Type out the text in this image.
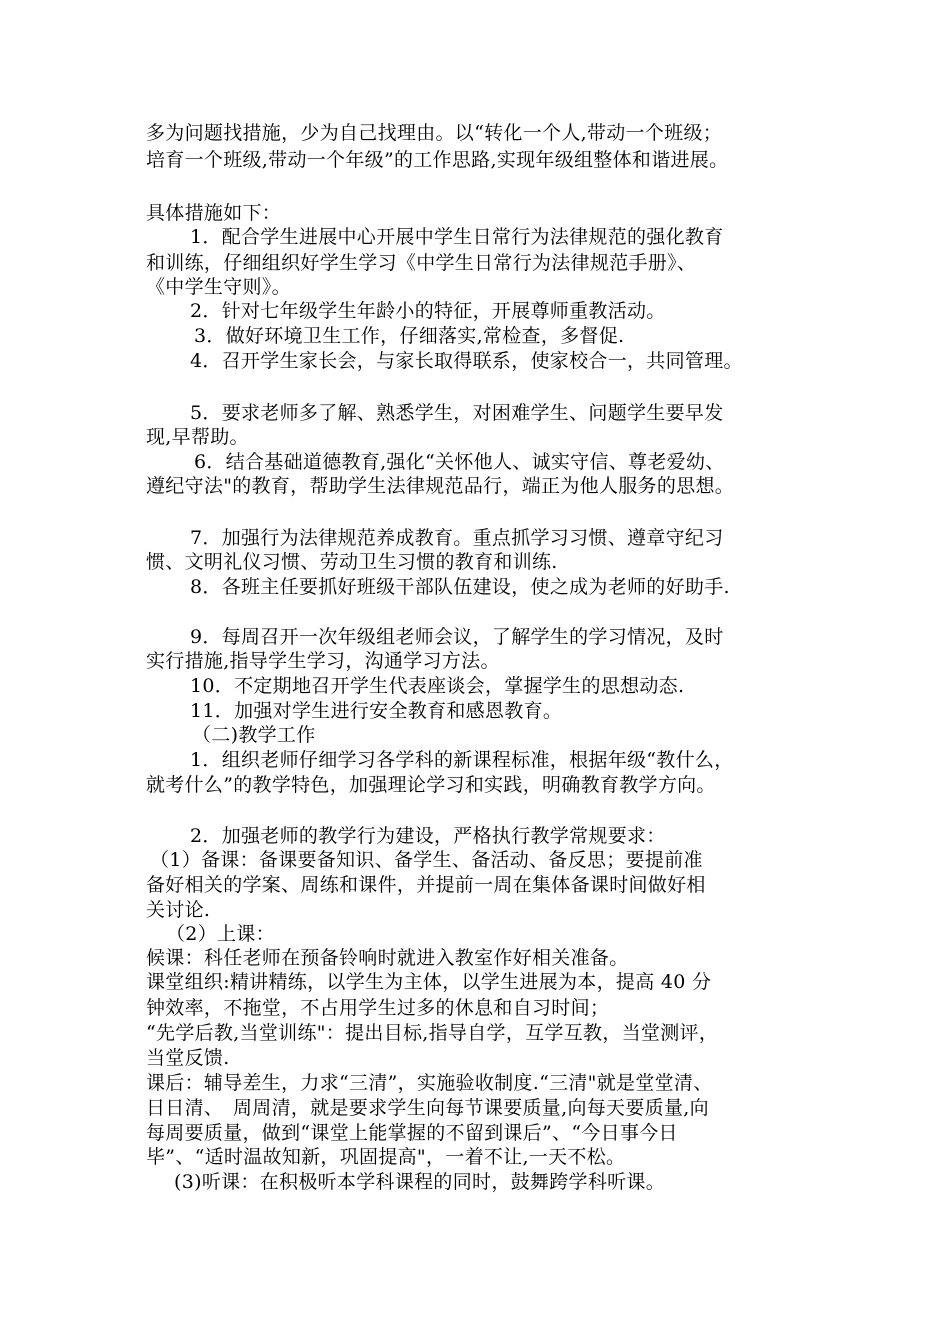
多为问题找措施，少为自己找理由。以“转化一个人,带动一个班级；
培育一个班级,带动一个年级”的工作思路,实现年级组整体和谐进展。
具体措施如下：
1．配合学生进展中心开展中学生日常行为法律规范的强化教育
和训练，仔细组织好学生学习《中学生日常行为法律规范手册》、
《中学生守则》。
2．针对七年级学生年龄小的特征，开展尊师重教活动。
3．做好环境卫生工作，仔细落实,常检查，多督促.
4．召开学生家长会，与家长取得联系，使家校合一，共同管理。
5．要求老师多了解、熟悉学生，对困难学生、问题学生要早发
现,早帮助。
6．结合基础道德教育,强化“关怀他人、诚实守信、尊老爱幼、
遵纪守法"的教育，帮助学生法律规范品行，端正为他人服务的思想。
7．加强行为法律规范养成教育。重点抓学习习惯、遵章守纪习
惯、文明礼仪习惯、劳动卫生习惯的教育和训练.
8．各班主任要抓好班级干部队伍建设，使之成为老师的好助手.
9．每周召开一次年级组老师会议，了解学生的学习情况，及时
实行措施,指导学生学习，沟通学习方法。
10．不定期地召开学生代表座谈会，掌握学生的思想动态.
11．加强对学生进行安全教育和感恩教育。
（二)教学工作
1．组织老师仔细学习各学科的新课程标准，根据年级“教什么，
就考什么”的教学特色，加强理论学习和实践，明确教育教学方向。
2．加强老师的教学行为建设，严格执行教学常规要求：
（1）备课：备课要备知识、备学生、备活动、备反思；要提前准
备好相关的学案、周练和课件，并提前一周在集体备课时间做好相
关讨论.
（2）上课：
候课：科任老师在预备铃响时就进入教室作好相关准备。
课堂组织:精讲精练，以学生为主体，以学生进展为本，提高 40 分
钟效率，不拖堂，不占用学生过多的休息和自习时间；
“先学后教,当堂训练"：提出目标,指导自学，互学互教，当堂测评，
当堂反馈.
课后：辅导差生，力求“三清”，实施验收制度.“三清"就是堂堂清、
日日清、　周周清，就是要求学生向每节课要质量,向每天要质量,向
每周要质量，做到“课堂上能掌握的不留到课后”、“今日事今日
毕”、“适时温故知新，巩固提高"，一着不让,一天不松。
(3)听课：在积极听本学科课程的同时，鼓舞跨学科听课。
